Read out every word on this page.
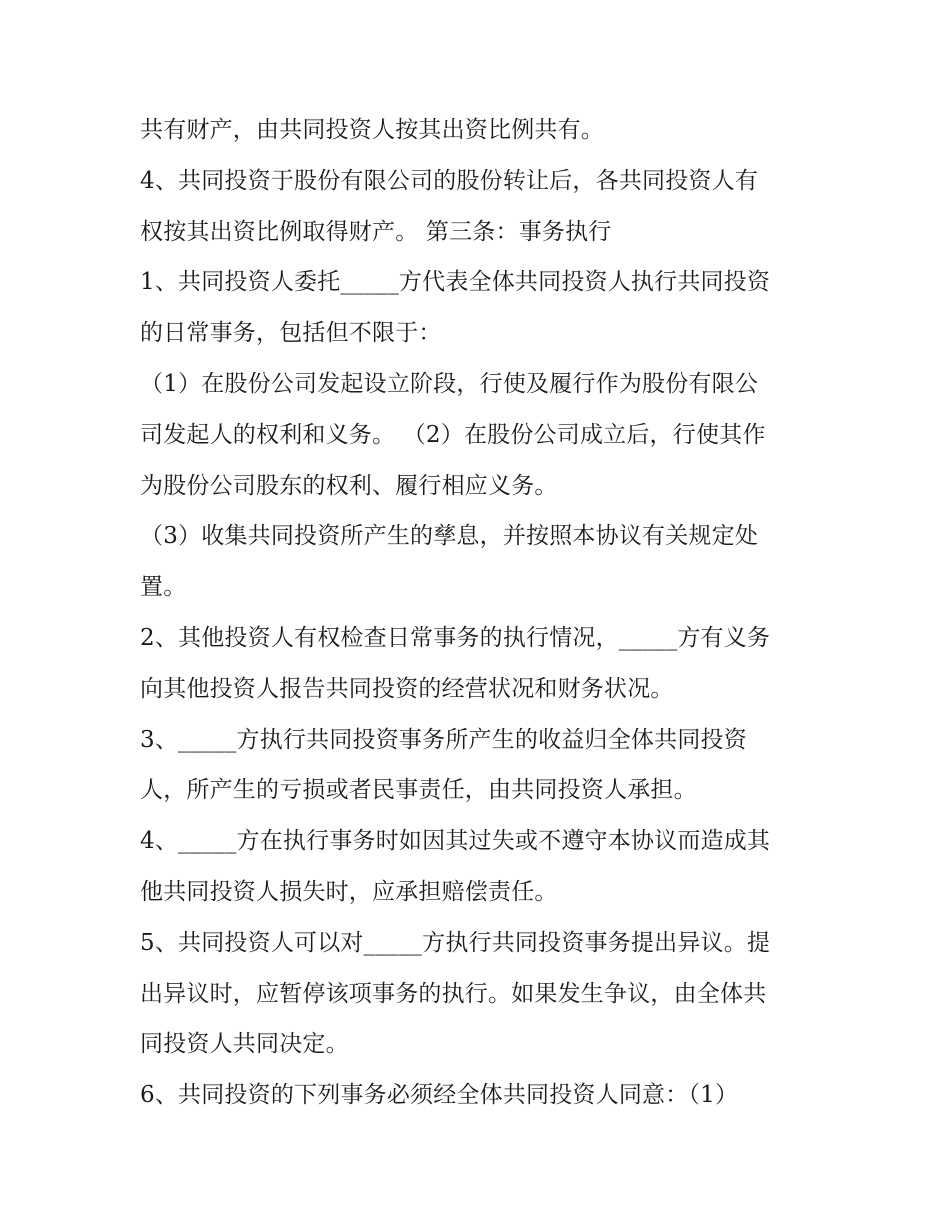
共有财产，由共同投资人按其出资比例共有。
4、共同投资于股份有限公司的股份转让后，各共同投资人有
权按其出资比例取得财产。 第三条：事务执行
1、共同投资人委托_____方代表全体共同投资人执行共同投资
的日常事务，包括但不限于：
（1）在股份公司发起设立阶段，行使及履行作为股份有限公
司发起人的权利和义务。 （2）在股份公司成立后，行使其作
为股份公司股东的权利、履行相应义务。
（3）收集共同投资所产生的孳息，并按照本协议有关规定处
置。
2、其他投资人有权检查日常事务的执行情况，_____方有义务
向其他投资人报告共同投资的经营状况和财务状况。
3、_____方执行共同投资事务所产生的收益归全体共同投资
人，所产生的亏损或者民事责任，由共同投资人承担。
4、_____方在执行事务时如因其过失或不遵守本协议而造成其
他共同投资人损失时，应承担赔偿责任。
5、共同投资人可以对_____方执行共同投资事务提出异议。提
出异议时，应暂停该项事务的执行。如果发生争议，由全体共
同投资人共同决定。
6、共同投资的下列事务必须经全体共同投资人同意：（1）
